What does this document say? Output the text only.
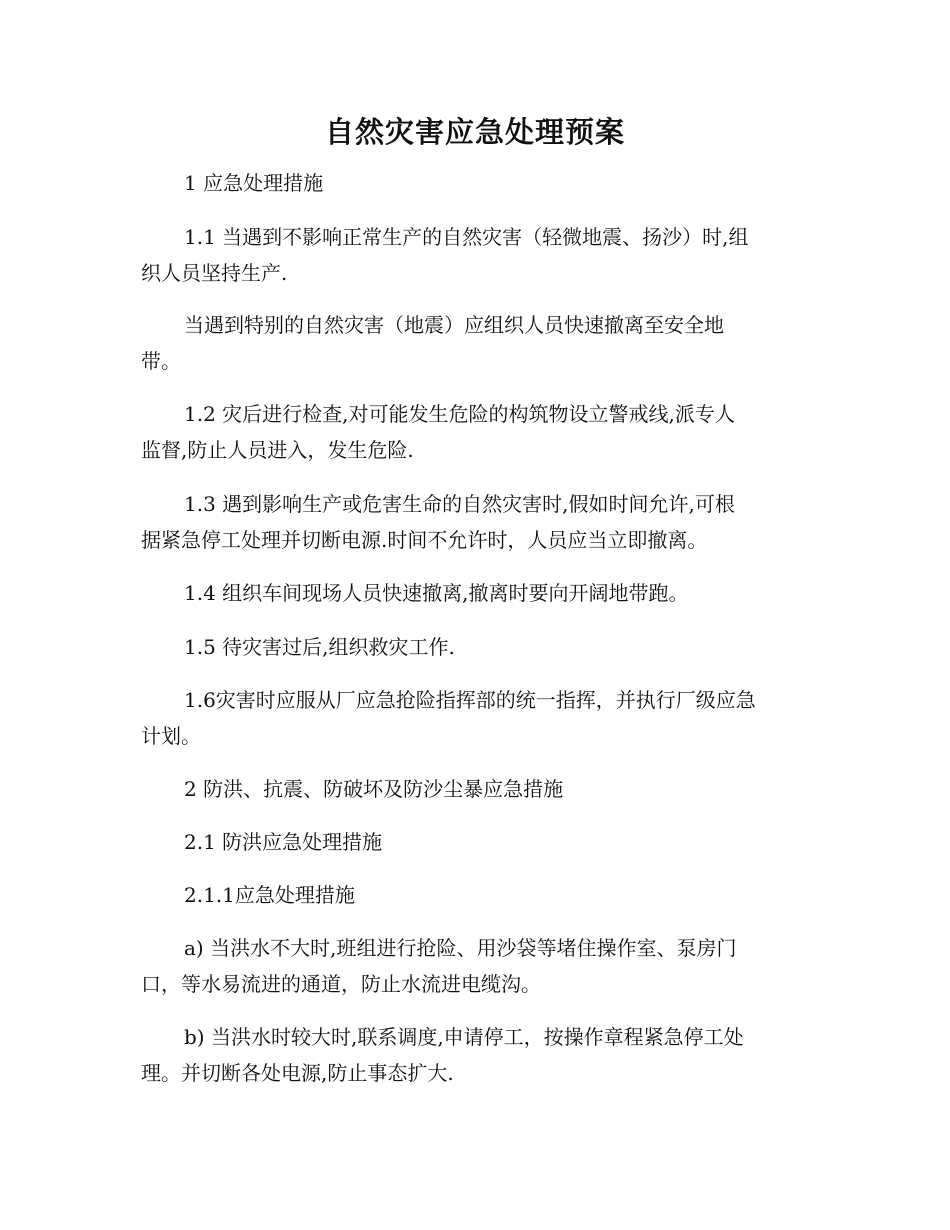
自然灾害应急处理预案

1 应急处理措施

1.1 当遇到不影响正常生产的自然灾害（轻微地震、扬沙）时,组

织人员坚持生产.

当遇到特别的自然灾害（地震）应组织人员快速撤离至安全地

带。

1.2 灾后进行检查,对可能发生危险的构筑物设立警戒线,派专人

监督,防止人员进入，发生危险.

1.3 遇到影响生产或危害生命的自然灾害时,假如时间允许,可根

据紧急停工处理并切断电源.时间不允许时，人员应当立即撤离。

1.4 组织车间现场人员快速撤离,撤离时要向开阔地带跑。

1.5 待灾害过后,组织救灾工作.

1.6灾害时应服从厂应急抢险指挥部的统一指挥，并执行厂级应急

计划。

2 防洪、抗震、防破坏及防沙尘暴应急措施

2.1 防洪应急处理措施

2.1.1应急处理措施

a) 当洪水不大时,班组进行抢险、用沙袋等堵住操作室、泵房门

口，等水易流进的通道，防止水流进电缆沟。

b) 当洪水时较大时,联系调度,申请停工，按操作章程紧急停工处

理。并切断各处电源,防止事态扩大.
